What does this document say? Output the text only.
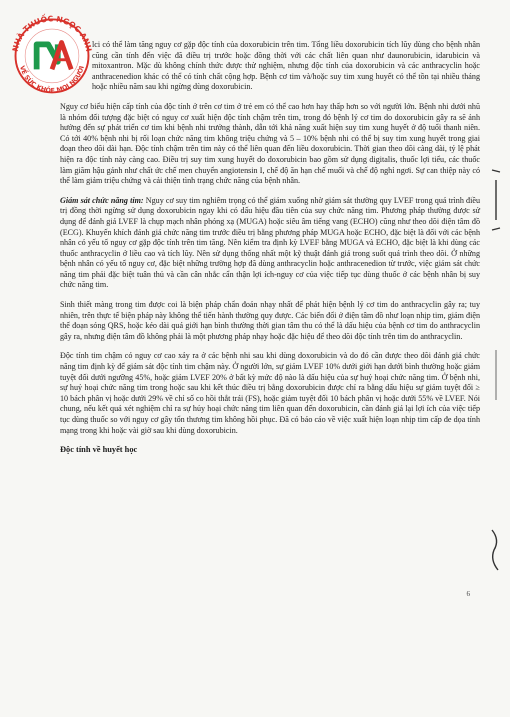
NHÀ THUỐC NGỌC ANH
VỀ SỨC KHỎE MỌI NGƯỜI

lci có thể làm tăng nguy cơ gặp độc tính của doxorubicin trên tim. Tổng liều doxorubicin tích lũy dùng cho bệnh nhân cũng cần tính đến việc đã điều trị trước hoặc đồng thời với các chất liên quan như daunorubicin, idarubicin và mitoxantron. Mặc dù không chính thức được thử nghiệm, nhưng độc tính của doxorubicin và các anthracyclin hoặc anthracenedion khác có thể có tính chất cộng hợp. Bệnh cơ tim và/hoặc suy tim xung huyết có thể tồn tại nhiều tháng hoặc nhiều năm sau khi ngừng dùng doxorubicin.

Nguy cơ biểu hiện cấp tính của độc tính ở trên cơ tim ở trẻ em có thể cao hơn hay thấp hơn so với người lớn. Bệnh nhi dưới nhũ là nhóm đối tượng đặc biệt có nguy cơ xuất hiện độc tính chậm trên tim, trong đó bệnh lý cơ tim do doxorubicin gây ra sẽ ảnh hưởng đến sự phát triển cơ tim khi bệnh nhi trưởng thành, dẫn tới khả năng xuất hiện suy tim xung huyết ở độ tuổi thanh niên. Có tới 40% bệnh nhi bị rối loạn chức năng tim không triệu chứng và 5 – 10% bệnh nhi có thể bị suy tim xung huyết trong giai đoạn theo dõi dài hạn. Độc tính chậm trên tim này có thể liên quan đến liều doxorubicin. Thời gian theo dõi càng dài, tỷ lệ phát hiện ra độc tính này càng cao. Điều trị suy tim xung huyết do doxorubicin bao gồm sử dụng digitalis, thuốc lợi tiểu, các thuốc làm giãm hậu gánh như chất ức chế men chuyển angiotensin I, chế độ ăn hạn chế muối và chế độ nghỉ ngơi. Sự can thiệp này có thể làm giảm triệu chứng và cải thiện tình trạng chức năng của bệnh nhân.

Giám sát chức năng tim: Nguy cơ suy tim nghiêm trọng có thể giảm xuống nhờ giám sát thường quy LVEF trong quá trình điều trị đồng thời ngừng sử dụng doxorubicin ngay khi có dấu hiệu đầu tiên của suy chức năng tim. Phương pháp thường được sử dụng để đánh giá LVEF là chụp mạch nhân phóng xạ (MUGA) hoặc siêu âm tiếng vang (ECHO) cũng như theo dõi điện tâm đồ (ECG). Khuyến khích đánh giá chức năng tim trước điều trị bằng phương pháp MUGA hoặc ECHO, đặc biệt là đối với các bệnh nhân có yếu tố nguy cơ gặp độc tính trên tim tăng. Nên kiểm tra định kỳ LVEF bằng MUGA và ECHO, đặc biệt là khi dùng các thuốc anthracyclin ở liều cao và tích lũy. Nên sử dụng thống nhất một kỹ thuật đánh giá trong suốt quá trình theo dõi. Ở những bệnh nhân có yếu tố nguy cơ, đặc biệt những trường hợp đã dùng anthracyclin hoặc anthracenedion từ trước, việc giám sát chức năng tim phải đặc biệt tuân thủ và cần cân nhắc cẩn thận lợi ích-nguy cơ của việc tiếp tục dùng thuốc ở các bệnh nhân bị suy chức năng tim.

Sinh thiết màng trong tim được coi là biện pháp chẩn đoán nhạy nhất để phát hiện bệnh lý cơ tim do anthracyclin gây ra; tuy nhiên, trên thực tế biện pháp này không thể tiến hành thường quy được. Các biến đổi ở điện tâm đồ như loạn nhịp tim, giảm điện thế đoạn sóng QRS, hoặc kéo dài quá giới hạn bình thường thời gian tâm thu có thể là dấu hiệu của bệnh cơ tim do anthracyclin gây ra, nhưng điện tâm đồ không phải là một phương pháp nhạy hoặc đặc hiệu để theo dõi độc tính trên tim do anthracyclin.

Độc tính tim chậm có nguy cơ cao xảy ra ở các bệnh nhi sau khi dùng doxorubicin và do đó cần được theo dõi đánh giá chức năng tim định kỳ để giám sát độc tính tim chậm này. Ở người lớn, sự giảm LVEF 10% dưới giới hạn dưới bình thường hoặc giảm tuyệt đối dưới ngưỡng 45%, hoặc giảm LVEF 20% ở bất kỳ mức độ nào là dấu hiệu của sự huỷ hoại chức năng tim. Ở bệnh nhi, sự huỷ hoại chức năng tim trong hoặc sau khi kết thúc điều trị bằng doxorubicin được chỉ ra bằng dấu hiệu sự giảm tuyệt đối ≥ 10 bách phân vị hoặc dưới 29% về chỉ số co hồi thắt trái (FS), hoặc giảm tuyệt đối 10 bách phân vị hoặc dưới 55% về LVEF. Nói chung, nếu kết quả xét nghiệm chỉ ra sự hủy hoại chức năng tim liên quan đến doxorubicin, cần đánh giá lại lợi ích của việc tiếp tục dùng thuốc so với nguy cơ gây tổn thương tim không hồi phục. Đã có báo cáo về việc xuất hiện loạn nhịp tim cấp đe dọa tính mạng trong khi hoặc vài giờ sau khi dùng doxorubicin.

Độc tính về huyết học
6
